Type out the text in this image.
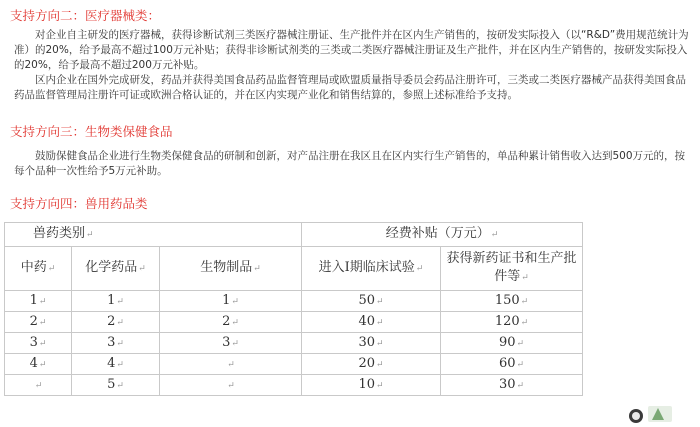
支持方向二：医疗器械类：

对企业自主研发的医疗器械，获得诊断试剂三类医疗器械注册证、生产批件并在区内生产销售的，按研发实际投入（以“R&D”费用规范统计为准）的20%，给予最高不超过100万元补贴；获得非诊断试剂类的三类或二类医疗器械注册证及生产批件，并在区内生产销售的，按研发实际投入的20%，给予最高不超过200万元补贴。

区内企业在国外完成研发，药品并获得美国食品药品监督管理局或欧盟质量指导委员会药品注册许可，三类或二类医疗器械产品获得美国食品药品监督管理局注册许可证或欧洲合格认证的，并在区内实现产业化和销售结算的，参照上述标准给予支持。

支持方向三：生物类保健食品

鼓励保健食品企业进行生物类保健食品的研制和创新，对产品注册在我区且在区内实行生产销售的，单品种累计销售收入达到500万元的，按每个品种一次性给予5万元补助。

支持方向四：兽用药品类
兽药类别↵			经费补贴（万元）↵	
中药↵	化学药品↵	生物制品↵	进入Ⅰ期临床试验↵	获得新药证书和生产批件等↵
1↵	1↵	1↵	50↵	150↵
2↵	2↵	2↵	40↵	120↵
3↵	3↵	3↵	30↵	90↵
4↵	4↵	↵	20↵	60↵
↵	5↵	↵	10↵	30↵
